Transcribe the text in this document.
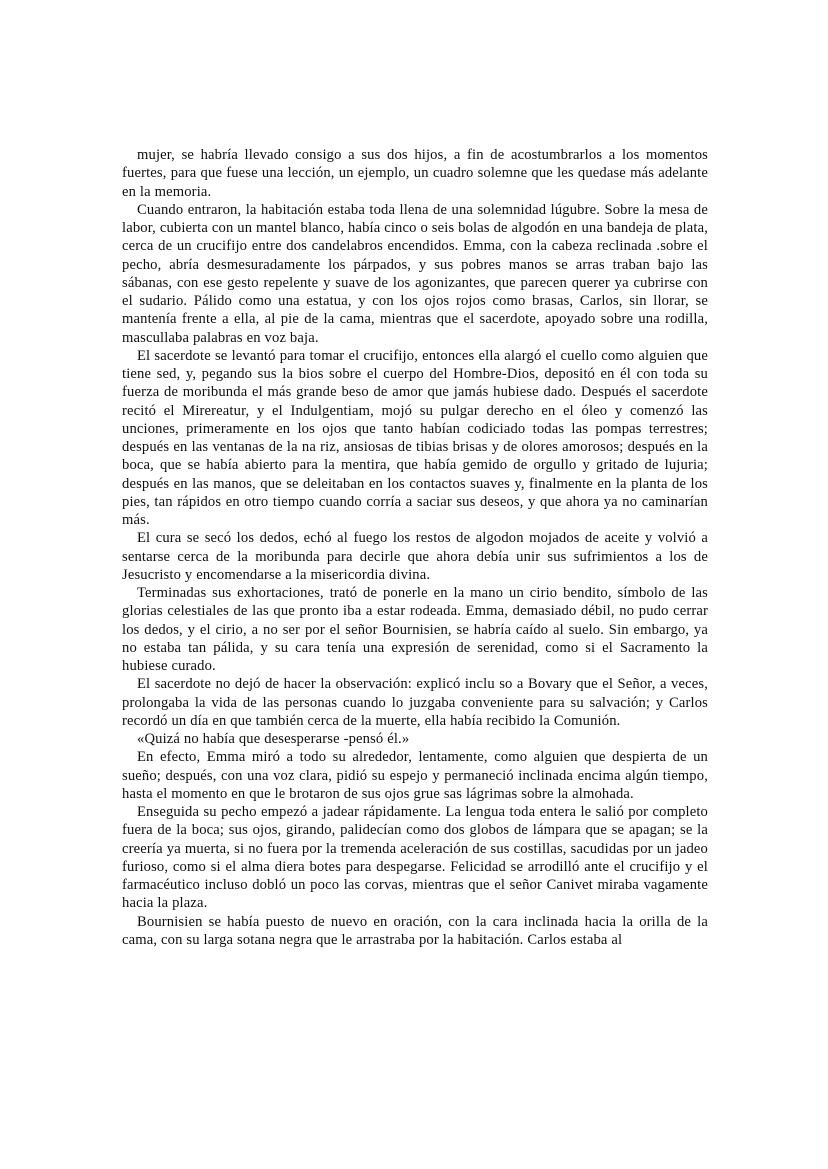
mujer, se habría llevado consigo a sus dos hijos, a fin de acostumbrarlos a los momentos fuertes, para que fuese una lección, un ejemplo, un cuadro solemne que les quedase más adelante en la memoria.

Cuando entraron, la habitación estaba toda llena de una solemnidad lúgubre. Sobre la mesa de labor, cubierta con un mantel blanco, había cinco o seis bolas de algodón en una bandeja de plata, cerca de un crucifijo entre dos candelabros encendidos. Emma, con la cabeza reclinada .sobre el pecho, abría desmesuradamente los párpados, y sus pobres manos se arras traban bajo las sábanas, con ese gesto repelente y suave de los agonizantes, que parecen querer ya cubrirse con el sudario. Pálido como una estatua, y con los ojos rojos como brasas, Carlos, sin llorar, se mantenía frente a ella, al pie de la cama, mientras que el sacerdote, apoyado sobre una rodilla, mascullaba palabras en voz baja.

El sacerdote se levantó para tomar el crucifijo, entonces ella alargó el cuello como alguien que tiene sed, y, pegando sus la bios sobre el cuerpo del Hombre-Dios, depositó en él con toda su fuerza de moribunda el más grande beso de amor que jamás hubiese dado. Después el sacerdote recitó el Mirereatur, y el Indulgentiam, mojó su pulgar derecho en el óleo y comenzó las unciones, primeramente en los ojos que tanto habían codiciado todas las pompas terrestres; después en las ventanas de la na riz, ansiosas de tibias brisas y de olores amorosos; después en la boca, que se había abierto para la mentira, que había gemido de orgullo y gritado de lujuria; después en las manos, que se deleitaban en los contactos suaves y, finalmente en la planta de los pies, tan rápidos en otro tiempo cuando corría a saciar sus deseos, y que ahora ya no caminarían más.

El cura se secó los dedos, echó al fuego los restos de algodon mojados de aceite y volvió a sentarse cerca de la moribunda para decirle que ahora debía unir sus sufrimientos a los de Jesucristo y encomendarse a la misericordia divina.

Terminadas sus exhortaciones, trató de ponerle en la mano un cirio bendito, símbolo de las glorias celestiales de las que pronto iba a estar rodeada. Emma, demasiado débil, no pudo cerrar los dedos, y el cirio, a no ser por el señor Bournisien, se habría caído al suelo. Sin embargo, ya no estaba tan pálida, y su cara tenía una expresión de serenidad, como si el Sacramento la hubiese curado.

El sacerdote no dejó de hacer la observación: explicó inclu so a Bovary que el Señor, a veces, prolongaba la vida de las personas cuando lo juzgaba conveniente para su salvación; y Carlos recordó un día en que también cerca de la muerte, ella había recibido la Comunión.

«Quizá no había que desesperarse -pensó él.»

En efecto, Emma miró a todo su alrededor, lentamente, como alguien que despierta de un sueño; después, con una voz clara, pidió su espejo y permaneció inclinada encima algún tiempo, hasta el momento en que le brotaron de sus ojos grue sas lágrimas sobre la almohada.

Enseguida su pecho empezó a jadear rápidamente. La lengua toda entera le salió por completo fuera de la boca; sus ojos, girando, palidecían como dos globos de lámpara que se apagan; se la creería ya muerta, si no fuera por la tremenda aceleración de sus costillas, sacudidas por un jadeo furioso, como si el alma diera botes para despegarse. Felicidad se arrodilló ante el crucifijo y el farmacéutico incluso dobló un poco las corvas, mientras que el señor Canivet miraba vagamente hacia la plaza.

Bournisien se había puesto de nuevo en oración, con la cara inclinada hacia la orilla de la cama, con su larga sotana negra que le arrastraba por la habitación. Carlos estaba al
